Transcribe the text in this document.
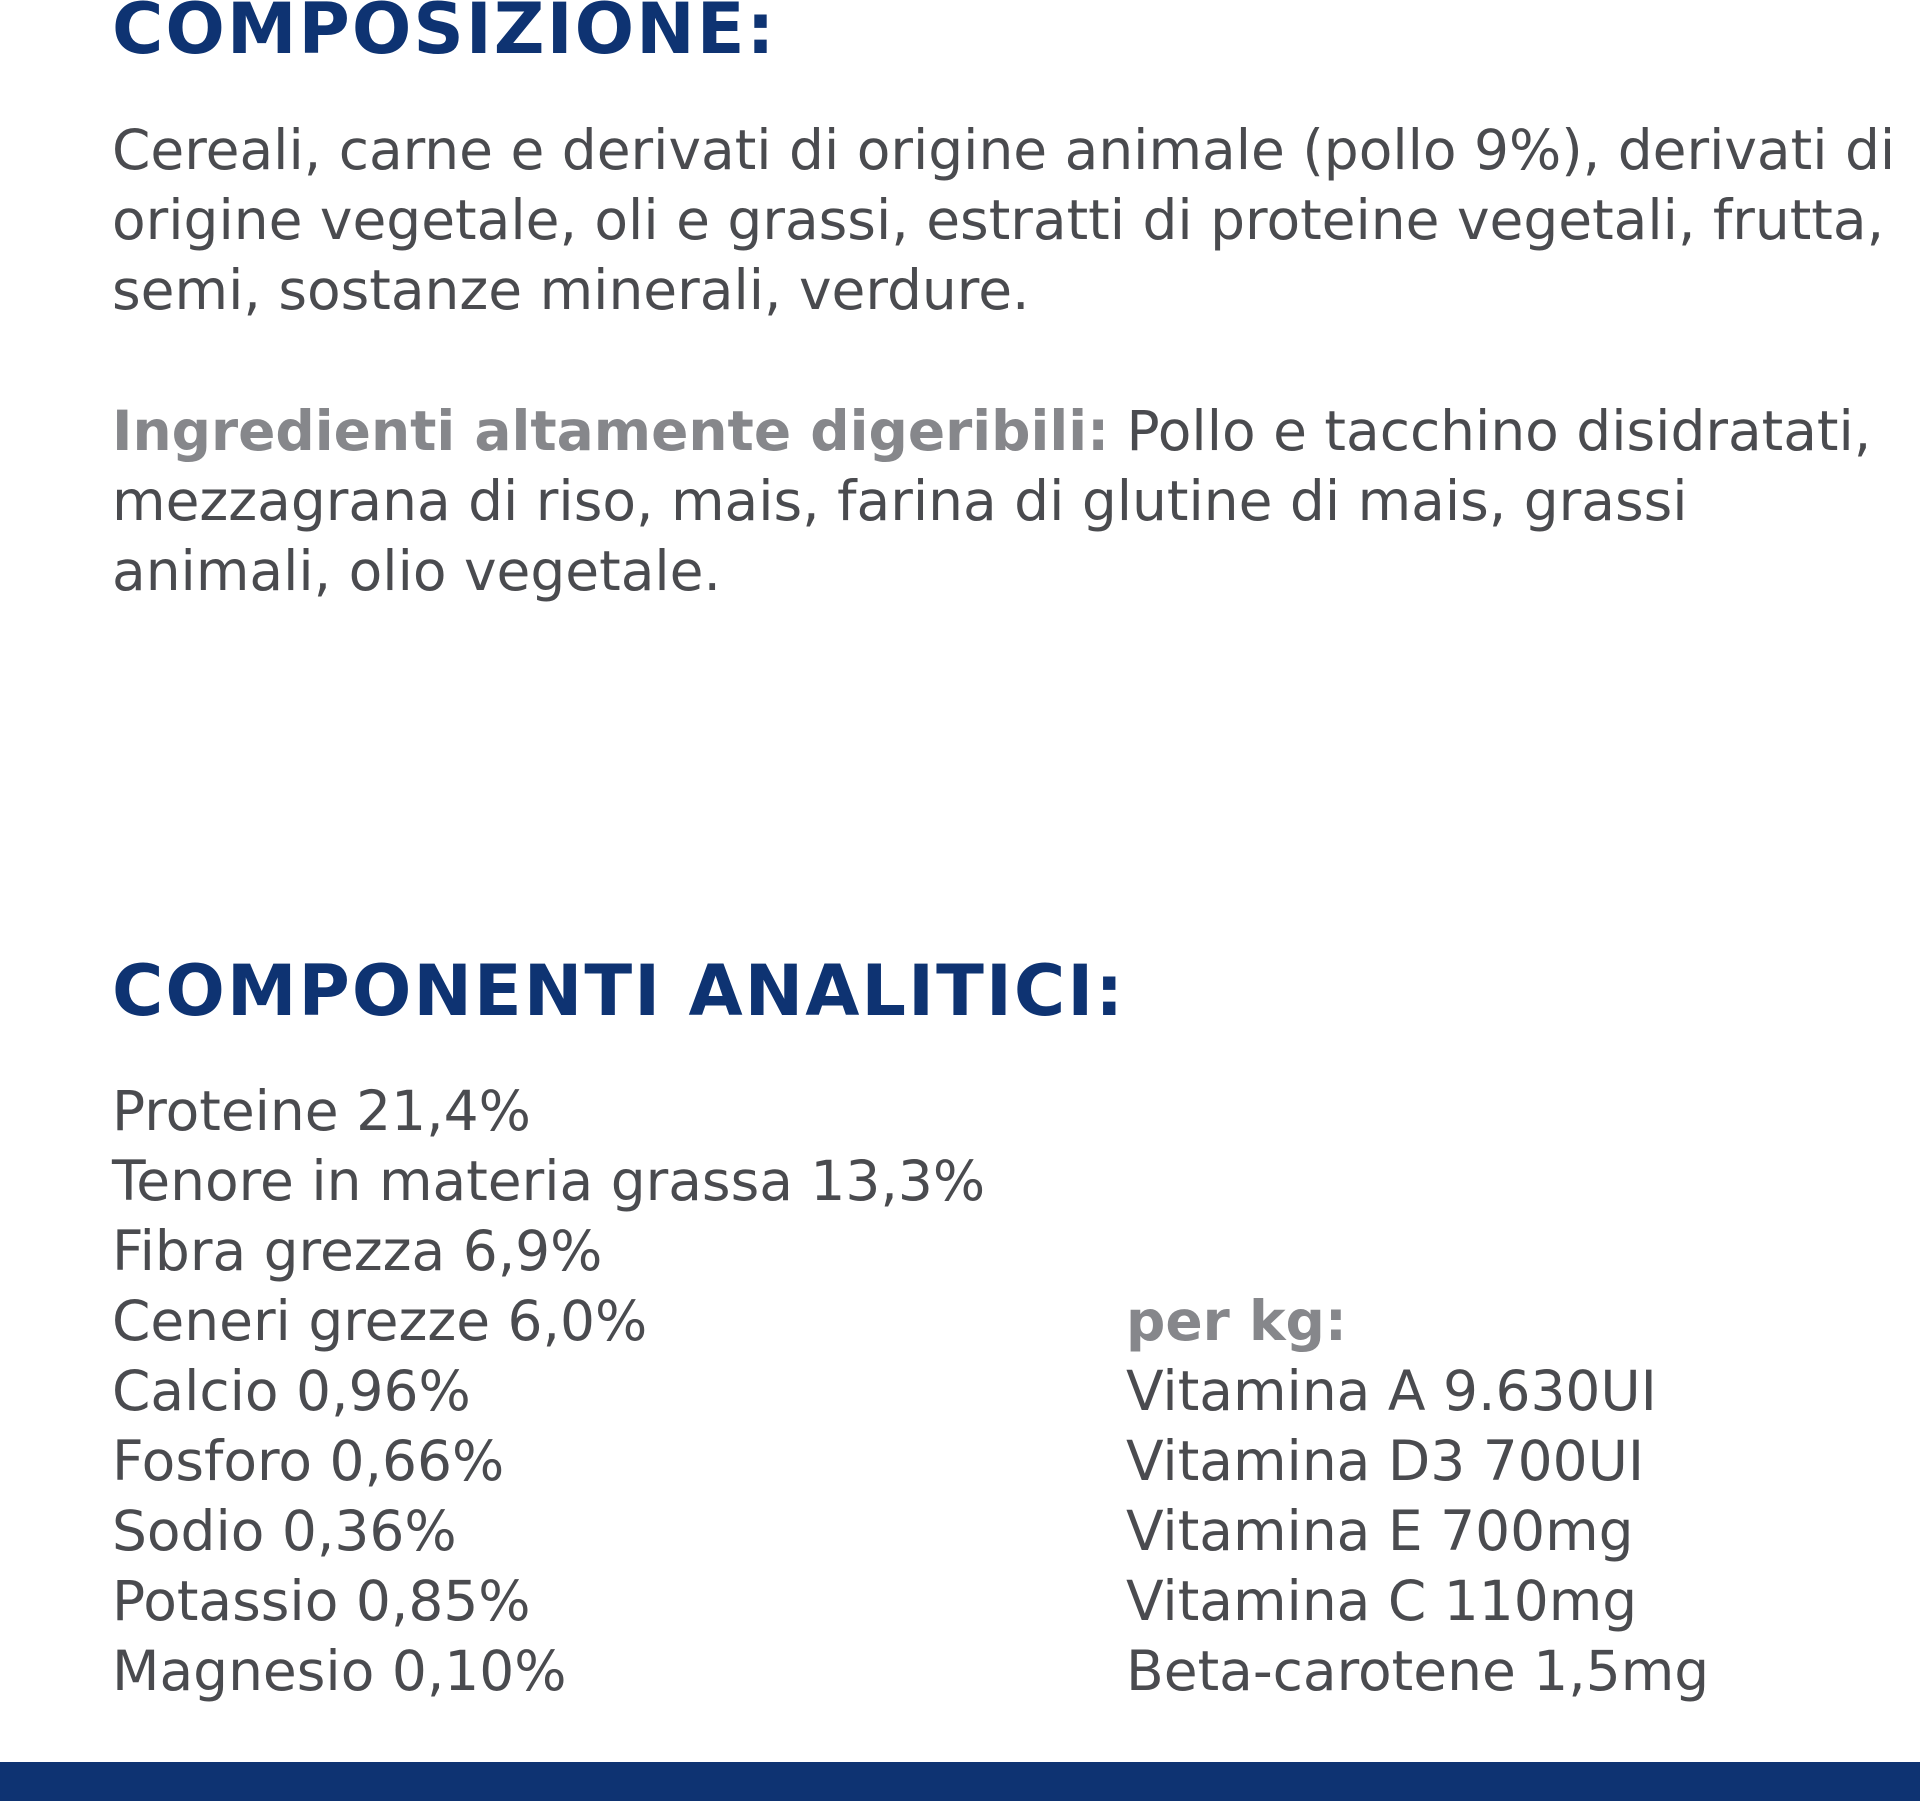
COMPOSIZIONE:

Cereali, carne e derivati di origine animale (pollo 9%), derivati di origine vegetale, oli e grassi, estratti di proteine vegetali, frutta, semi, sostanze minerali, verdure.

Ingredienti altamente digeribili: Pollo e tacchino disidratati, mezzagrana di riso, mais, farina di glutine di mais, grassi animali, olio vegetale.

COMPONENTI ANALITICI:
Proteine 21,4%
Tenore in materia grassa 13,3%
Fibra grezza 6,9%
Ceneri grezze 6,0%
Calcio 0,96%
Fosforo 0,66%
Sodio 0,36%
Potassio 0,85%
Magnesio 0,10%
per kg:
Vitamina A 9.630UI
Vitamina D3 700UI
Vitamina E 700mg
Vitamina C 110mg
Beta-carotene 1,5mg
